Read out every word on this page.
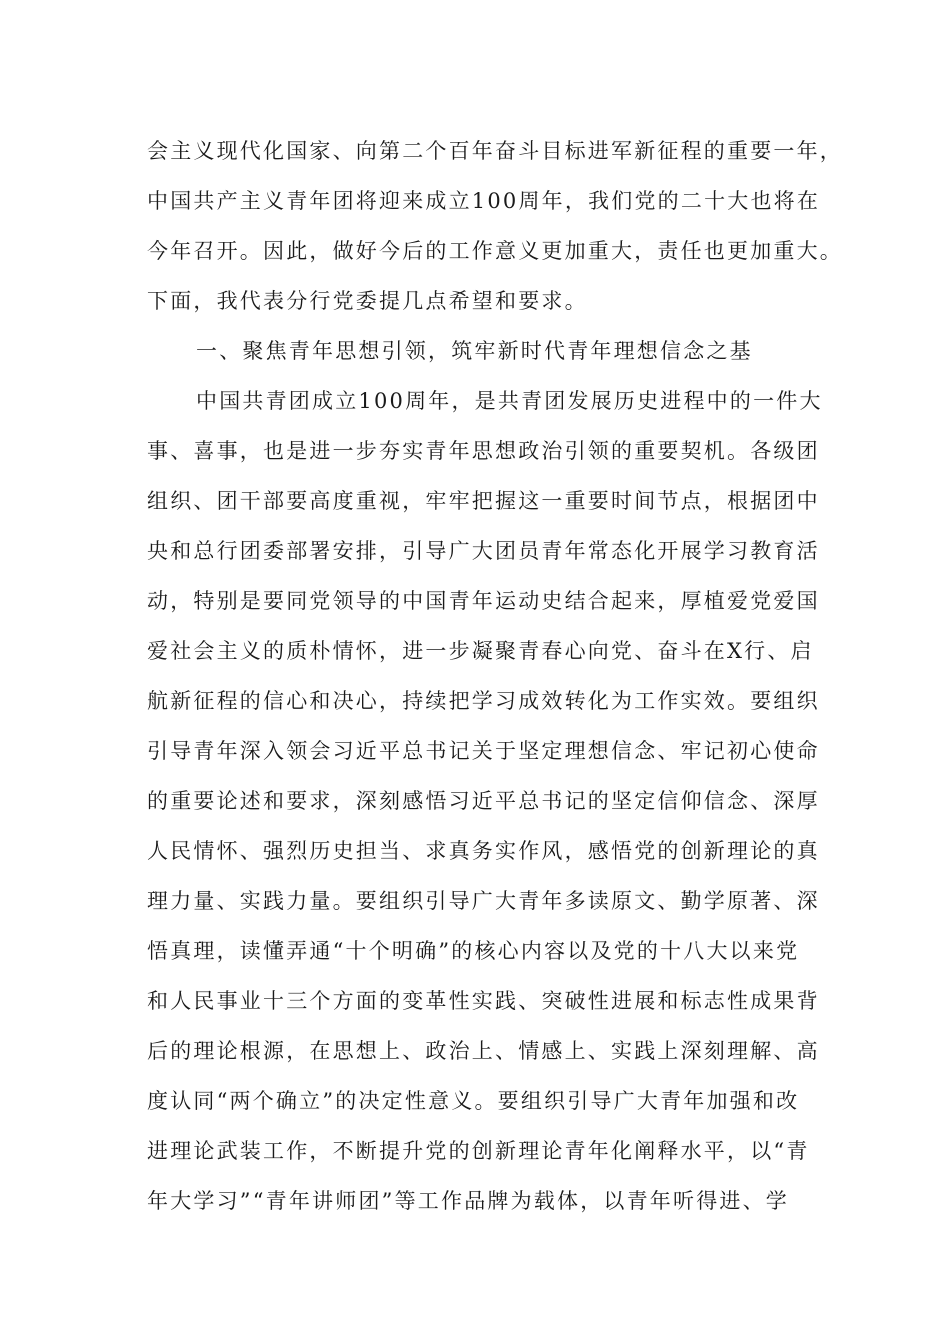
会主义现代化国家、向第二个百年奋斗目标进军新征程的重要一年，
中国共产主义青年团将迎来成立100周年，我们党的二十大也将在
今年召开。因此，做好今后的工作意义更加重大，责任也更加重大。
下面，我代表分行党委提几点希望和要求。
一、聚焦青年思想引领，筑牢新时代青年理想信念之基
中国共青团成立100周年，是共青团发展历史进程中的一件大
事、喜事，也是进一步夯实青年思想政治引领的重要契机。各级团
组织、团干部要高度重视，牢牢把握这一重要时间节点，根据团中
央和总行团委部署安排，引导广大团员青年常态化开展学习教育活
动，特别是要同党领导的中国青年运动史结合起来，厚植爱党爱国
爱社会主义的质朴情怀，进一步凝聚青春心向党、奋斗在X行、启
航新征程的信心和决心，持续把学习成效转化为工作实效。要组织
引导青年深入领会习近平总书记关于坚定理想信念、牢记初心使命
的重要论述和要求，深刻感悟习近平总书记的坚定信仰信念、深厚
人民情怀、强烈历史担当、求真务实作风，感悟党的创新理论的真
理力量、实践力量。要组织引导广大青年多读原文、勤学原著、深
悟真理，读懂弄通“十个明确”的核心内容以及党的十八大以来党
和人民事业十三个方面的变革性实践、突破性进展和标志性成果背
后的理论根源，在思想上、政治上、情感上、实践上深刻理解、高
度认同“两个确立”的决定性意义。要组织引导广大青年加强和改
进理论武装工作，不断提升党的创新理论青年化阐释水平，以“青
年大学习”“青年讲师团”等工作品牌为载体，以青年听得进、学
